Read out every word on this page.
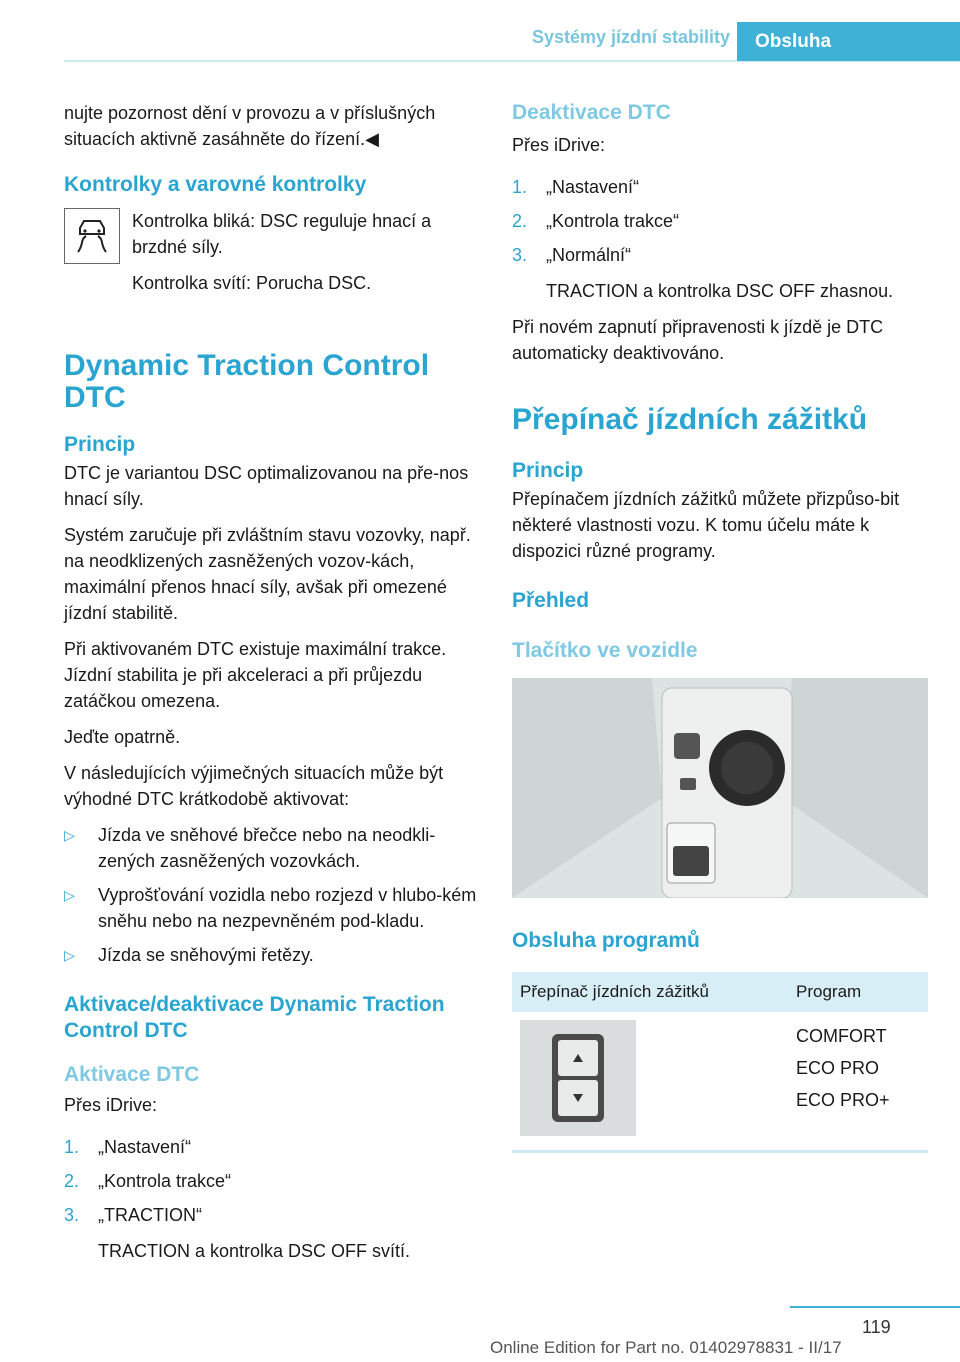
Systémy jízdní stability	Obsluha

nujte pozornost dění v provozu a v příslušných situacích aktivně zasáhněte do řízení.◀

Kontrolky a varovné kontrolky

Kontrolka bliká: DSC reguluje hnací a brzdné síly.

Kontrolka svítí: Porucha DSC.

Dynamic Traction Control DTC
Princip

DTC je variantou DSC optimalizovanou na pře-nos hnací síly.

Systém zaručuje při zvláštním stavu vozovky, např. na neodklizených zasněžených vozov-kách, maximální přenos hnací síly, avšak při omezené jízdní stabilitě.

Při aktivovaném DTC existuje maximální trakce. Jízdní stabilita je při akceleraci a při průjezdu zatáčkou omezena.

Jeďte opatrně.

V následujících výjimečných situacích může být výhodné DTC krátkodobě aktivovat:

▷ Jízda ve sněhové břečce nebo na neodkli-zených zasněžených vozovkách.
▷ Vyprošťování vozidla nebo rozjezd v hlubo-kém sněhu nebo na nezpevněném pod-kladu.
▷ Jízda se sněhovými řetězy.
Aktivace/deaktivace Dynamic Traction Control DTC
Aktivace DTC

Přes iDrive:

1. „Nastavení“
2. „Kontrola trakce“
3. „TRACTION“
TRACTION a kontrolka DSC OFF svítí.
Deaktivace DTC

Přes iDrive:

1. „Nastavení“
2. „Kontrola trakce“
3. „Normální“
TRACTION a kontrolka DSC OFF zhasnou.

Při novém zapnutí připravenosti k jízdě je DTC automaticky deaktivováno.

Přepínač jízdních zážitků
Princip

Přepínačem jízdních zážitků můžete přizpůso-bit některé vlastnosti vozu. K tomu účelu máte k dispozici různé programy.

Přehled
Tlačítko ve vozidle
Obsluha programů
Přepínač jízdních zážitků	Program

COMFORT
ECO PRO
ECO PRO+
119
Online Edition for Part no. 01402978831 - II/17
